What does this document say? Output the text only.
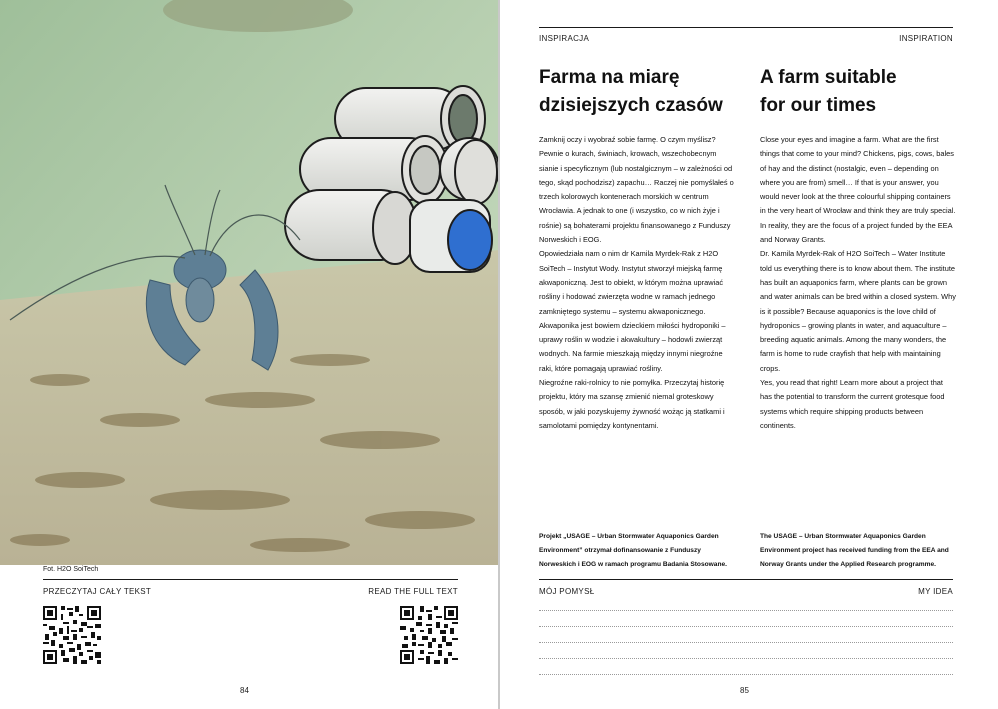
Fot. H2O SoiTech
PRZECZYTAJ CAŁY TEKST	READ THE FULL TEXT
84
INSPIRACJA	INSPIRATION
Farma na miarę
dzisiejszych czasów
A farm suitable
for our times

Zamknij oczy i wyobraź sobie farmę. O czym myślisz? Pewnie o kurach, świniach, krowach, wszechobecnym sianie i specyficznym (lub nostalgicznym – w zależności od tego, skąd pochodzisz) zapachu… Raczej nie pomyślałeś o trzech kolorowych kontenerach morskich w centrum Wrocławia. A jednak to one (i wszystko, co w nich żyje i rośnie) są bohaterami projektu finansowanego z Funduszy Norweskich i EOG.

Opowiedziała nam o nim dr Kamila Myrdek-Rak z H2O SoiTech – Instytut Wody. Instytut stworzył miejską farmę akwaponiczną. Jest to obiekt, w którym można uprawiać rośliny i hodować zwierzęta wodne w ramach jednego zamkniętego systemu – systemu akwaponicznego. Akwaponika jest bowiem dzieckiem miłości hydroponiki – uprawy roślin w wodzie i akwakultury – hodowli zwierząt wodnych. Na farmie mieszkają między innymi niegroźne raki, które pomagają uprawiać rośliny.

Niegroźne raki-rolnicy to nie pomyłka. Przeczytaj historię projektu, który ma szansę zmienić niemal groteskowy sposób, w jaki pozyskujemy żywność wożąc ją statkami i samolotami pomiędzy kontynentami.

Close your eyes and imagine a farm. What are the first things that come to your mind? Chickens, pigs, cows, bales of hay and the distinct (nostalgic, even – depending on where you are from) smell… If that is your answer, you would never look at the three colourful shipping containers in the very heart of Wrocław and think they are truly special. In reality, they are the focus of a project funded by the EEA and Norway Grants.

Dr. Kamila Myrdek-Rak of H2O SoiTech – Water Institute told us everything there is to know about them. The institute has built an aquaponics farm, where plants can be grown and water animals can be bred within a closed system. Why is it possible? Because aquaponics is the love child of hydroponics – growing plants in water, and aquaculture – breeding aquatic animals. Among the many wonders, the farm is home to rude crayfish that help with maintaining crops.

Yes, you read that right! Learn more about a project that has the potential to transform the current grotesque food systems which require shipping products between continents.

Projekt „USAGE – Urban Stormwater Aquaponics Garden Environment” otrzymał dofinansowanie z Funduszy Norweskich i EOG w ramach programu Badania Stosowane.
The USAGE – Urban Stormwater Aquaponics Garden Environment project has received funding from the EEA and Norway Grants under the Applied Research programme.
MÓJ POMYSŁ	MY IDEA
85
